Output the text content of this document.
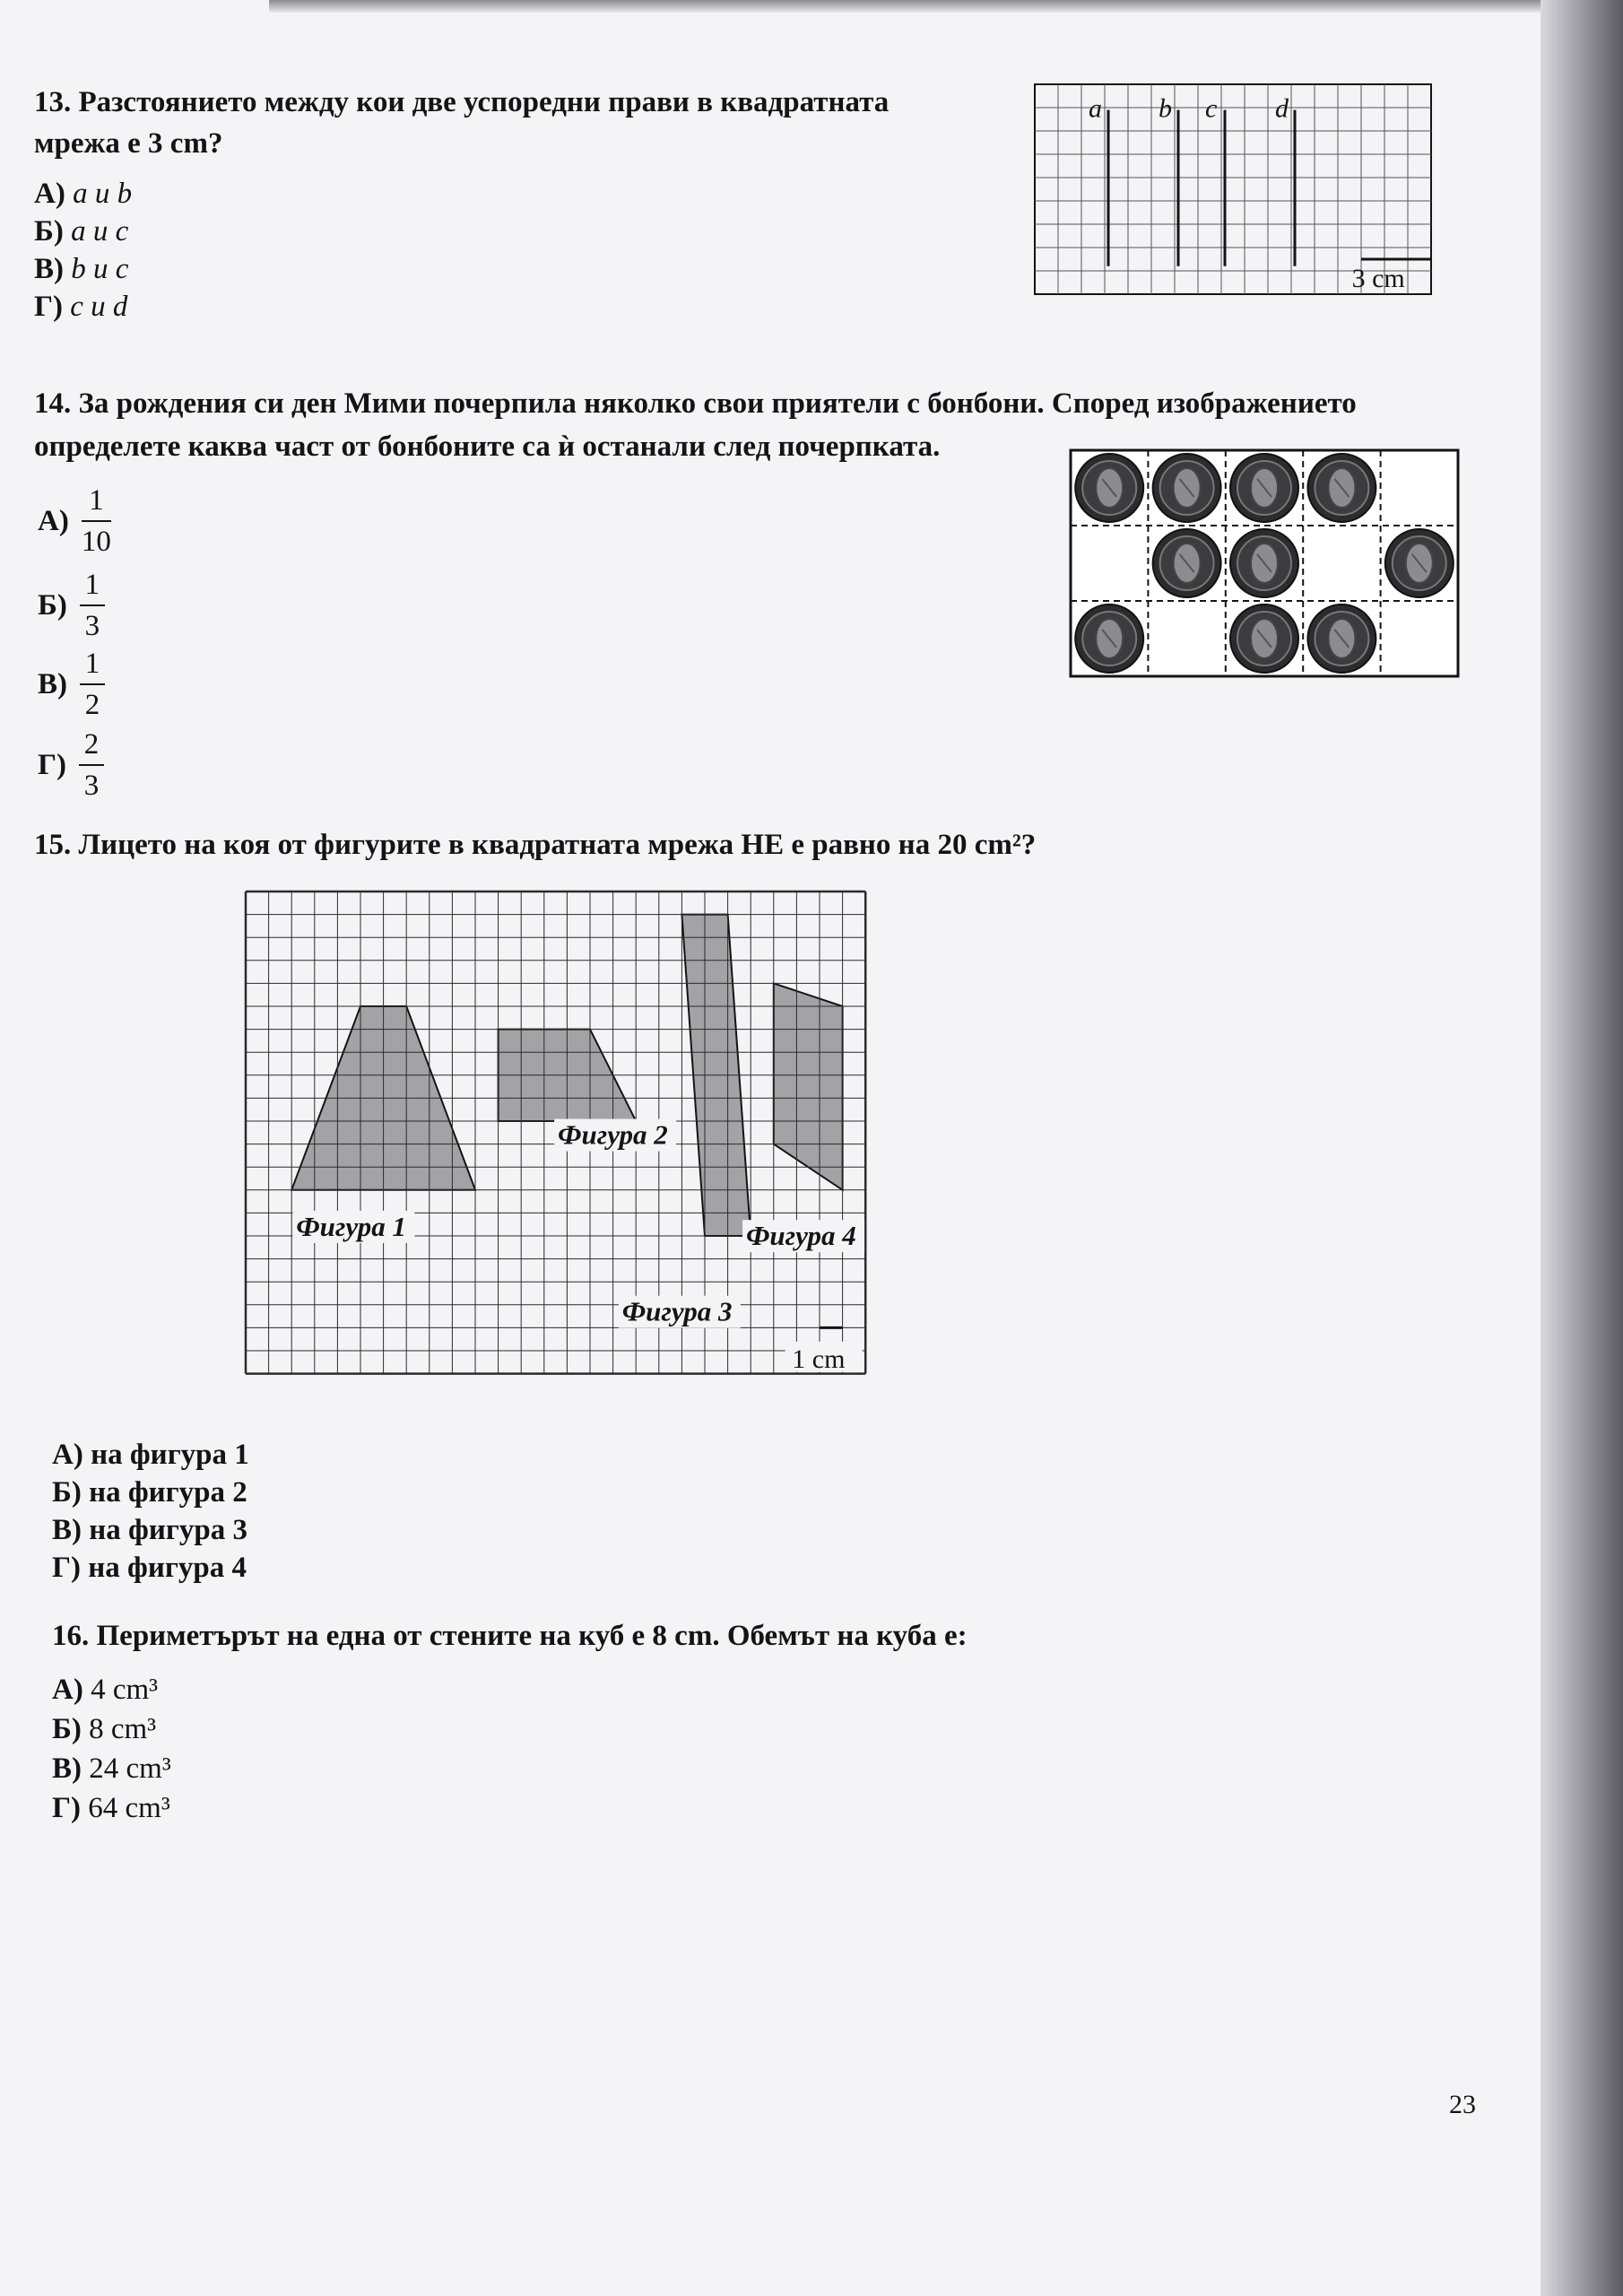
13. Разстоянието между кои две успоредни прави в квадратната
мрежа е 3 cm?
А) a и b
Б) a и c
В) b и c
Г) c и d
a b c d
3 cm
14. За рождения си ден Мими почерпила няколко свои приятели с бонбони. Според изображението
определете каква част от бонбоните са ѝ останали след почерпката.
$А) \frac{1}{10}$
$Б) \frac{1}{3}$
$В) \frac{1}{2}$
$Г) \frac{2}{3}$
15. Лицето на коя от фигурите в квадратната мрежа НЕ е равно на 20 cm²?
Фигура 1
Фигура 2
Фигура 3
Фигура 4
1 cm
А) на фигура 1
Б) на фигура 2
В) на фигура 3
Г) на фигура 4
16. Периметърът на една от стените на куб е 8 cm. Обемът на куба е:
А) 4 cm³
Б) 8 cm³
В) 24 cm³
Г) 64 cm³
23
